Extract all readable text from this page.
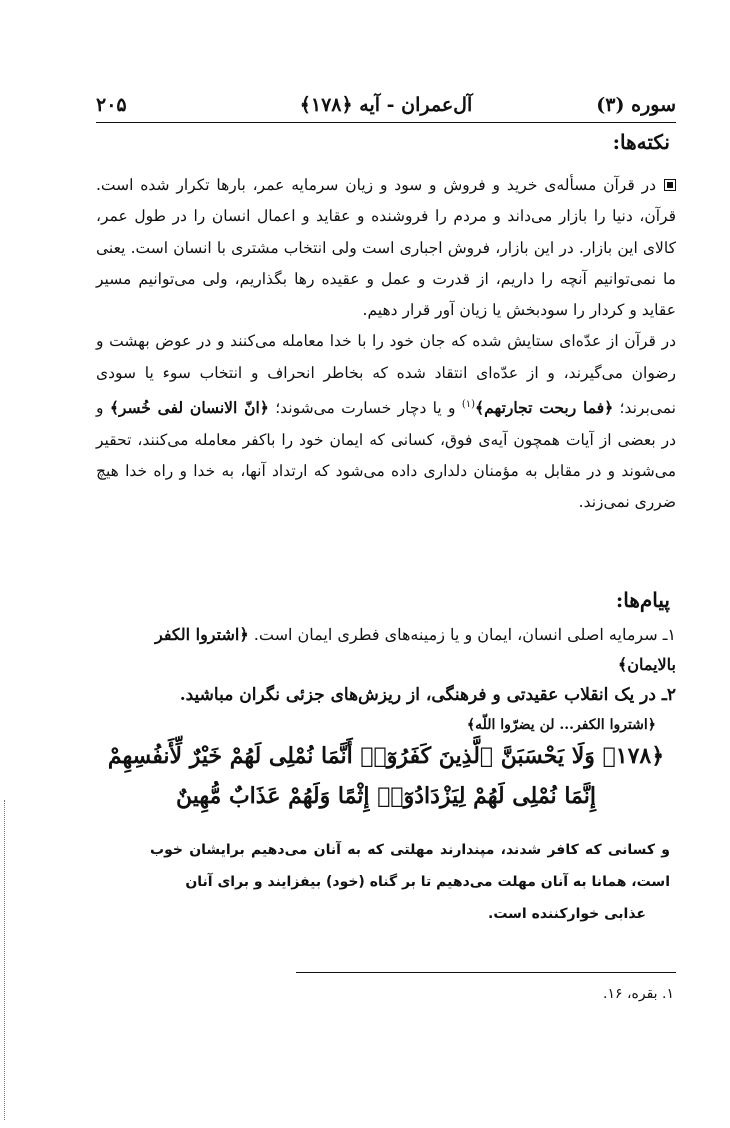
سوره (۳)
آل‌عمران - آیه ﴿۱۷۸﴾
۲۰۵
نکته‌ها:

در قرآن مسأله‌ی خرید و فروش و سود و زیان سرمایه عمر، بارها تکرار شده است. قرآن، دنیا را بازار می‌داند و مردم را فروشنده و عقاید و اعمال انسان را در طول عمر، کالای این بازار. در این بازار، فروش اجباری است ولی انتخاب مشتری با انسان است. یعنی ما نمی‌توانیم آنچه را داریم، از قدرت و عمل و عقیده رها بگذاریم، ولی می‌توانیم مسیر عقاید و کردار را سودبخش یا زیان آور قرار دهیم.

در قرآن از عدّه‌ای ستایش شده که جان خود را با خدا معامله می‌کنند و در عوض بهشت و رضوان می‌گیرند، و از عدّه‌ای انتقاد شده که بخاطر انحراف و انتخاب سوء یا سودی نمی‌برند؛ ﴿فما ربحت تجارتهم﴾$^{(۱)}$ و یا دچار خسارت می‌شوند؛ ﴿انّ الانسان لفی خُسر﴾ و در بعضی از آیات همچون آیه‌ی فوق، کسانی که ایمان خود را باکفر معامله می‌کنند، تحقیر می‌شوند و در مقابل به مؤمنان دلداری داده می‌شود که ارتداد آنها، به خدا و راه خدا هیچ ضرری نمی‌زند.

پیام‌ها:

۱ـ سرمایه اصلی انسان، ایمان و یا زمینه‌های فطری ایمان است. ﴿اشتروا الکفر بالایمان﴾

۲ـ در یک انقلاب عقیدتی و فرهنگی، از ریزش‌های جزئی نگران مباشید.

﴿اشتروا الکفر... لن یضرّوا اللّه﴾

﴿۱۷۸﴾ وَلَا يَحْسَبَنَّ ٱلَّذِينَ كَفَرُوٓا۟ أَنَّمَا نُمْلِى لَهُمْ خَيْرٌ لِّأَنفُسِهِمْ إِنَّمَا نُمْلِى لَهُمْ لِيَزْدَادُوٓا۟ إِثْمًا وَلَهُمْ عَذَابٌ مُّهِينٌ
و کسانی که کافر شدند، مپندارند مهلتی که به آنان می‌دهیم برایشان خوب است، همانا به آنان مهلت می‌دهیم تا بر گناه (خود) بیفزایند و برای آنان
عذابی خوارکننده است.
۱. بقره، ۱۶.
